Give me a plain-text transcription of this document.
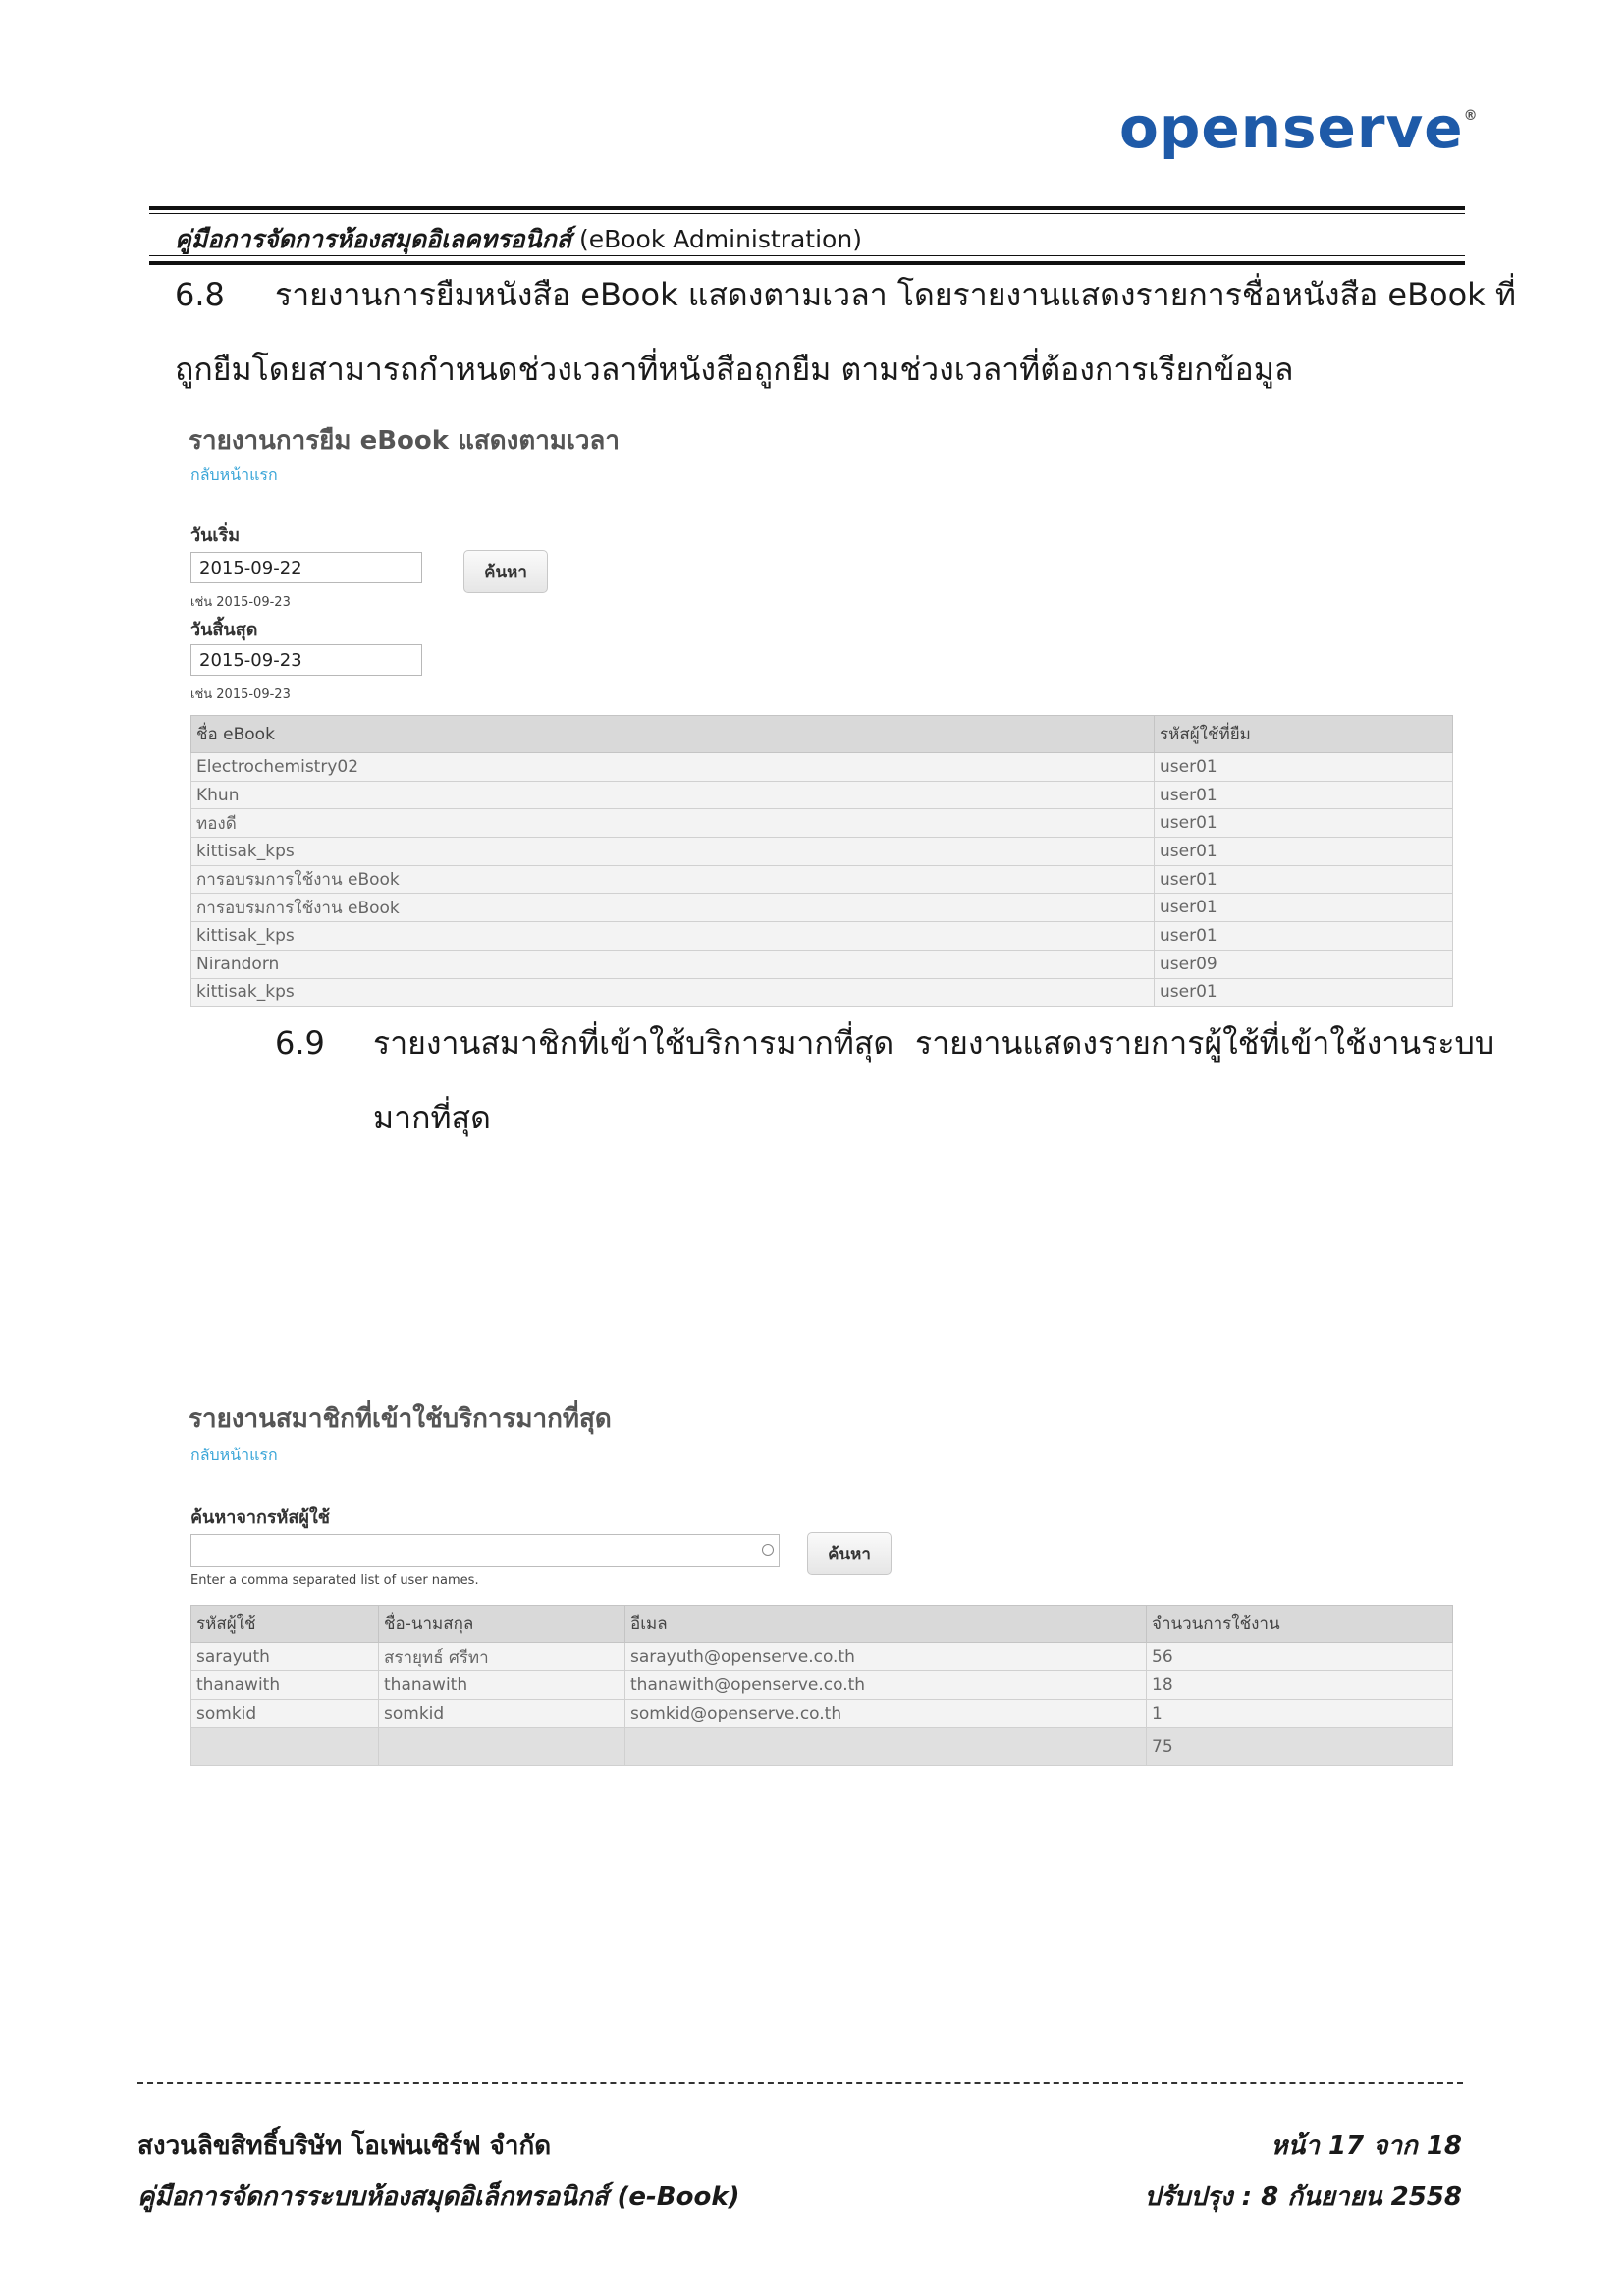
openserve®
คู่มือการจัดการห้องสมุดอิเลคทรอนิกส์ (eBook Administration)
6.8 รายงานการยืมหนังสือ eBook แสดงตามเวลา โดยรายงานแสดงรายการชื่อหนังสือ eBook ที่
ถูกยืมโดยสามารถกำหนดช่วงเวลาที่หนังสือถูกยืม ตามช่วงเวลาที่ต้องการเรียกข้อมูล
รายงานการยืม eBook แสดงตามเวลา
กลับหน้าแรก
วันเริ่ม
2015-09-22
เช่น 2015-09-23
ค้นหา
วันสิ้นสุด
2015-09-23
เช่น 2015-09-23
ชื่อ eBook	รหัสผู้ใช้ที่ยืม
Electrochemistry02	user01
Khun	user01
ทองดี	user01
kittisak_kps	user01
การอบรมการใช้งาน eBook	user01
การอบรมการใช้งาน eBook	user01
kittisak_kps	user01
Nirandorn	user09
kittisak_kps	user01
6.9 รายงานสมาชิกที่เข้าใช้บริการมากที่สุด รายงานแสดงรายการผู้ใช้ที่เข้าใช้งานระบบ
มากที่สุด
รายงานสมาชิกที่เข้าใช้บริการมากที่สุด
กลับหน้าแรก
ค้นหาจากรหัสผู้ใช้
ค้นหา
Enter a comma separated list of user names.
รหัสผู้ใช้	ชื่อ-นามสกุล	อีเมล	จำนวนการใช้งาน
sarayuth	สรายุทธ์ ศรีทา	sarayuth@openserve.co.th	56
thanawith	thanawith	thanawith@openserve.co.th	18
somkid	somkid	somkid@openserve.co.th	1
			75
สงวนลิขสิทธิ์บริษัท โอเพ่นเซิร์ฟ จำกัด	หน้า 17 จาก 18
คู่มือการจัดการระบบห้องสมุดอิเล็กทรอนิกส์ (e-Book)	ปรับปรุง : 8 กันยายน 2558
